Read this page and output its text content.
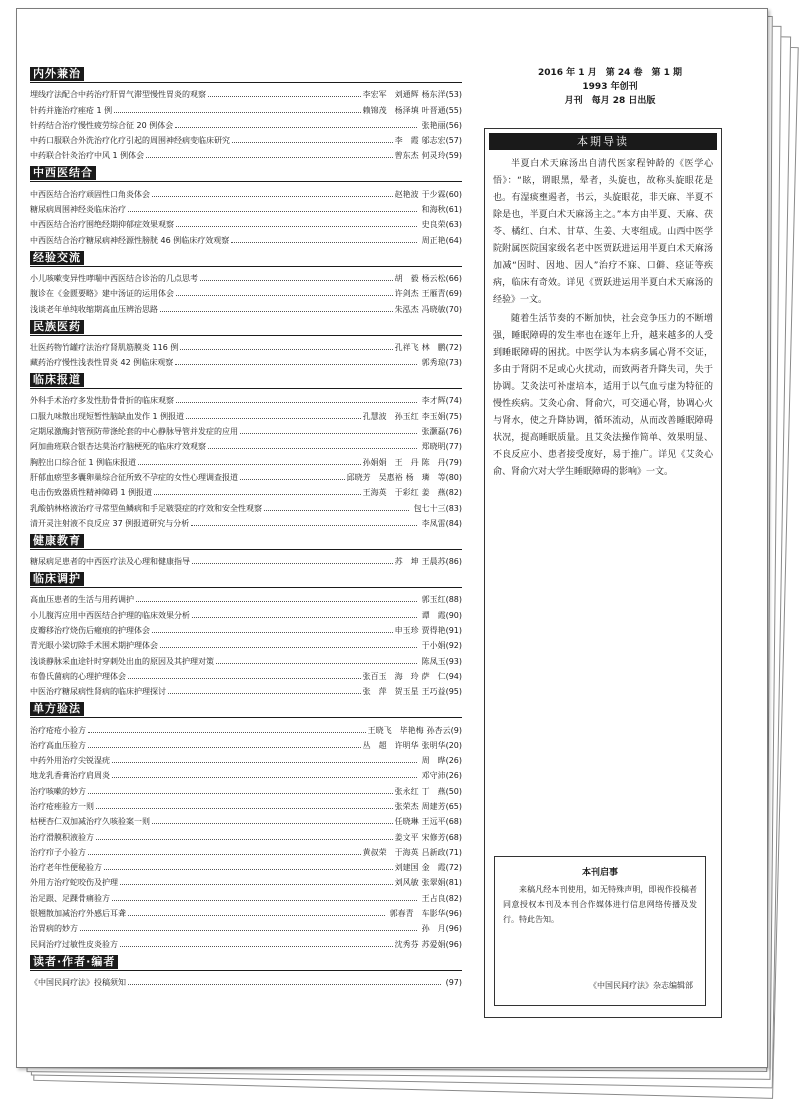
内外兼治
埋线疗法配合中药治疗肝胃气滞型慢性胃炎的观察	李宏军　刘通辉 杨东洋(53)
针药并施治疗痤疮 1 例	赖锦茂　杨泽填 叶晋通(55)
针药结合治疗慢性疲劳综合征 20 例体会	张艳丽(56)
中药口服联合外洗治疗化疗引起的周围神经病变临床研究	李　霞 邬志宏(57)
中药联合针灸治疗中风 1 例体会	曾东杰 何灵玲(59)
中西医结合
中西医结合治疗顽固性口角炎体会	赵艳波 于少霖(60)
糖尿病周围神经炎临床治疗	和海秋(61)
中西医结合治疗围绝经期抑郁症效果观察	史良荣(63)
中西医结合治疗糖尿病神经源性膀胱 46 例临床疗效观察	周正艳(64)
经验交流
小儿咳嗽变异性哮喘中西医结合诊治的几点思考	胡　毅 杨云松(66)
腹诊在《金匮要略》建中汤证的运用体会	许剑杰 王雁青(69)
浅谈老年单纯收缩期高血压辨治思路	朱泓杰 冯晓敏(70)
民族医药
壮医药物竹罐疗法治疗肾肌筋膜炎 116 例	孔祥飞 林　鹏(72)
藏药治疗慢性浅表性胃炎 42 例临床观察	郭秀琼(73)
临床报道
外科手术治疗多发性肋骨骨折的临床观察	李才辉(74)
口服九味散出现短暂性脑缺血发作 1 例报道	孔慧波　孙玉红 李玉娟(75)
定期尿激酶封管预防带涤纶套的中心静脉导管并发症的应用	张灏磊(76)
阿加曲班联合银杏达莫治疗脑梗死的临床疗效观察	郑晓明(77)
胸腔出口综合征 1 例临床报道	孙娟娟　王　丹 陈　丹(79)
肝郁血瘀型多囊卵巢综合征所致不孕症的女性心理调查报道	邱晓芳　吴惠裕 杨　璘　等(80)
电击伤致器质性精神障碍 1 例报道	王海英　于彩红 姜　燕(82)
乳酸钠林格液治疗寻常型鱼鳞病和手足皲裂症的疗效和安全性观察	包七十三(83)
清开灵注射液不良反应 37 例报道研究与分析	李凤雷(84)
健康教育
糖尿病足患者的中西医疗法及心理和健康指导	苏　坤 王晨苏(86)
临床调护
高血压患者的生活与用药调护	郭玉红(88)
小儿腹泻应用中西医结合护理的临床效果分析	谭　霞(90)
皮瓣移治疗烧伤后瘢痕的护理体会	申玉珍 贾得艳(91)
青光眼小梁切除手术围术期护理体会	于小娟(92)
浅谈静脉采血途针时穿刺处出血的原因及其护理对策	陈凤玉(93)
布鲁氏菌病的心理护理体会	张百玉　海　玲 萨　仁(94)
中医治疗糖尿病性肾病的临床护理探讨	张　萍　贺玉星 王巧益(95)
单方验法
治疗疮疮小验方	王晓飞　毕艳梅 孙杏云(9)
治疗高血压验方	丛　超　许明华 张明华(20)
中药外用治疗尖锐湿疣	周　晔(26)
地龙乳香膏治疗肩周炎	邓守沛(26)
治疗咳嗽的妙方	张永红 丁　燕(50)
治疗疮痤验方一则	张荣杰 周建芳(65)
枯梗杏仁双加减治疗久咳验案一则	任晓琳 王远平(68)
治疗滑膜积液验方	姜文平 宋修芳(68)
治疗疖子小验方	黄叔荣　于海英 吕新政(71)
治疗老年性便秘验方	刘建国 金　霞(72)
外用方治疗蛇咬伤及护理	刘风敏 张翠娟(81)
治足跟、足踝骨痛验方	王占良(82)
银翘散加减治疗外感后耳聋	郭春青　车影华(96)
治胃病的妙方	孙　月(96)
民间治疗过敏性皮炎验方	沈秀芬 苏爱娟(96)
读者·作者·编者
《中国民间疗法》投稿须知	(97)
2016 年 1 月　第 24 卷　第 1 期
1993 年创刊
月刊　每月 28 日出版
本期导读

半夏白术天麻汤出自清代医家程钟龄的《医学心悟》：“眩，谓眼黑，晕者，头旋也，故称头旋眼花是也。有湿痰壅遏者，书云，头旋眼花，非天麻、半夏不除是也，半夏白术天麻汤主之。”本方由半夏、天麻、茯苓、橘红、白术、甘草、生姜、大枣组成。山西中医学院附属医院国家级名老中医贾跃进运用半夏白术天麻汤加减“因时、因地、因人”治疗不寐、口僻、痉证等疾病，临床有奇效。详见《贾跃进运用半夏白术天麻汤的经验》一文。

随着生活节奏的不断加快，社会竞争压力的不断增强，睡眠障碍的发生率也在逐年上升，越来越多的人受到睡眠障碍的困扰。中医学认为本病多属心肾不交证，多由于肾阴不足或心火扰动，而致两者升降失司，失于协调。艾灸法可补虚培本，适用于以气血亏虚为特征的慢性疾病。艾灸心俞、肾俞穴，可交通心肾，协调心火与肾水，使之升降协调，循环流动，从而改善睡眠障碍状况，提高睡眠质量。且艾灸法操作简单、效果明显、不良反应小、患者接受度好，易于推广。详见《艾灸心俞、肾俞穴对大学生睡眠障碍的影响》一文。

本刊启事
来稿凡经本刊使用，如无特殊声明，即视作投稿者同意授权本刊及本刊合作媒体进行信息网络传播及发行。特此告知。
《中国民间疗法》杂志编辑部
